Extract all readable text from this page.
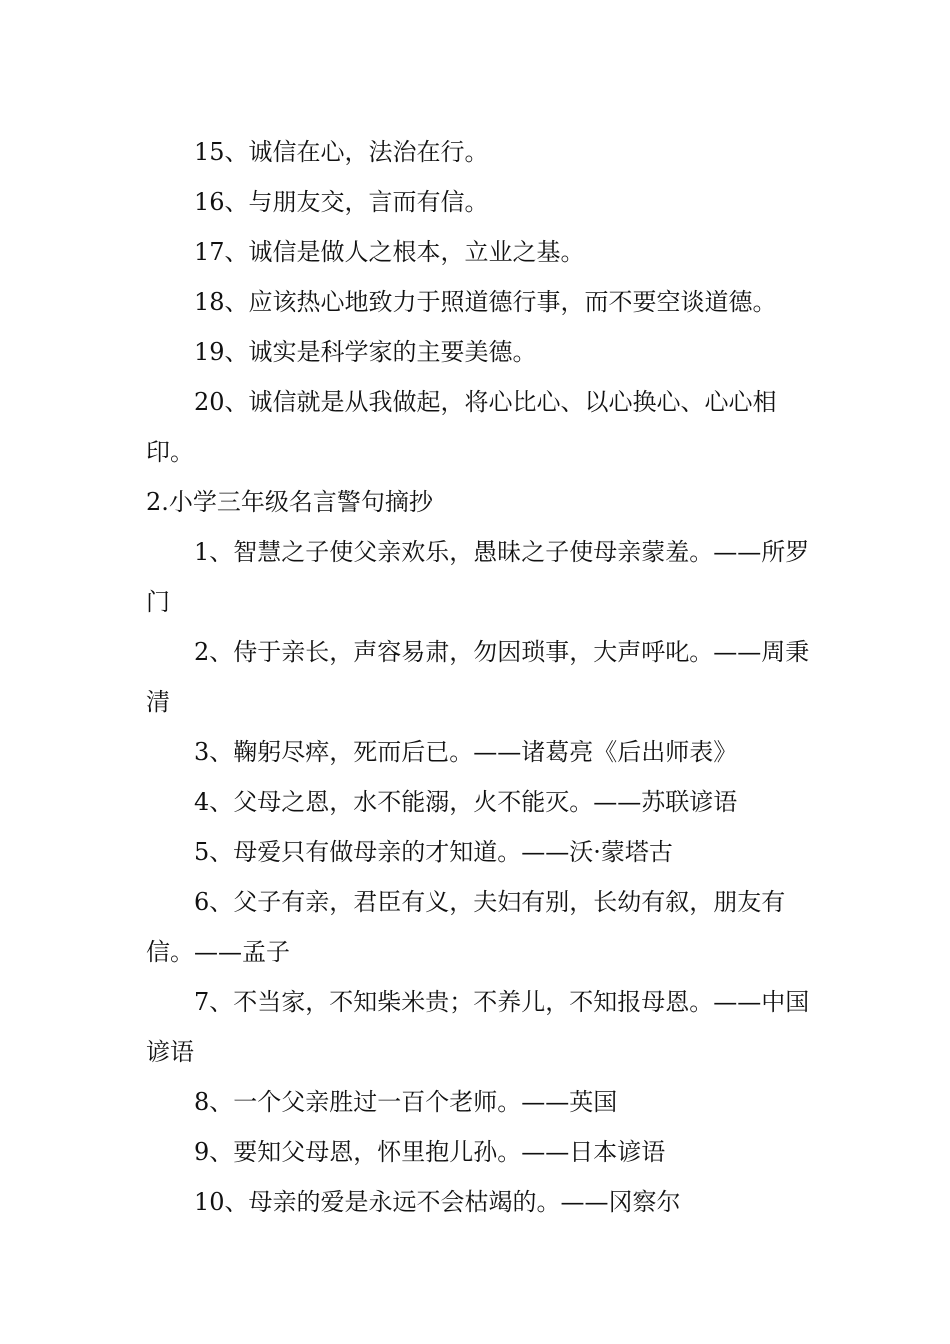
15、诚信在心，法治在行。

16、与朋友交，言而有信。

17、诚信是做人之根本，立业之基。

18、应该热心地致力于照道德行事，而不要空谈道德。

19、诚实是科学家的主要美德。

20、诚信就是从我做起，将心比心、以心换心、心心相印。

2.小学三年级名言警句摘抄

1、智慧之子使父亲欢乐，愚昧之子使母亲蒙羞。——所罗门

2、侍于亲长，声容易肃，勿因琐事，大声呼叱。——周秉清

3、鞠躬尽瘁，死而后已。——诸葛亮《后出师表》

4、父母之恩，水不能溺，火不能灭。——苏联谚语

5、母爱只有做母亲的才知道。——沃·蒙塔古

6、父子有亲，君臣有义，夫妇有别，长幼有叙，朋友有信。——孟子

7、不当家，不知柴米贵；不养儿，不知报母恩。——中国谚语

8、一个父亲胜过一百个老师。——英国

9、要知父母恩，怀里抱儿孙。——日本谚语

10、母亲的爱是永远不会枯竭的。——冈察尔
